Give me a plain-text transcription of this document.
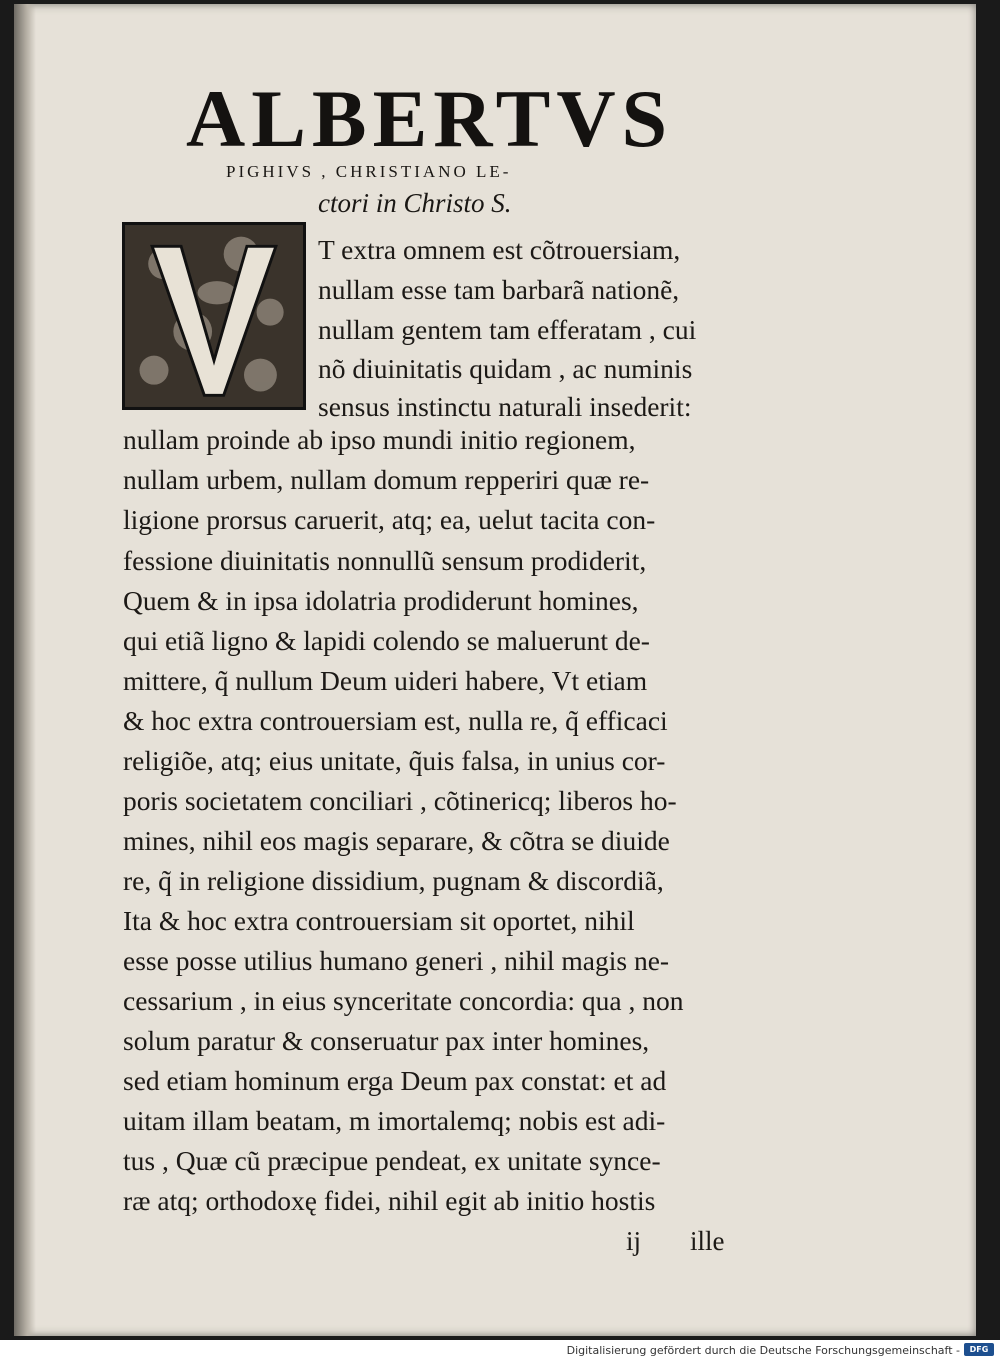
ALBERTVS
PIGHIVS , CHRISTIANO LE-
ctori in Christo S.
T extra omnem est cõtrouersiam,
nullam esse tam barbarã nationẽ,
nullam gentem tam efferatam , cui
nõ diuinitatis quidam , ac numinis
sensus instinctu naturali insederit:
nullam proinde ab ipso mundi initio regionem,
nullam urbem, nullam domum repperiri quæ re-
ligione prorsus caruerit, atq; ea, uelut tacita con-
fessione diuinitatis nonnullũ sensum prodiderit,
Quem & in ipsa idolatria prodiderunt homines,
qui etiã ligno & lapidi colendo se maluerunt de-
mittere, q̃ nullum Deum uideri habere, Vt etiam
& hoc extra controuersiam est, nulla re, q̃ efficaci
religiõe, atq; eius unitate, q̃uis falsa, in unius cor-
poris societatem conciliari , cõtinericq; liberos ho-
mines, nihil eos magis separare, & cõtra se diuide
re, q̃ in religione dissidium, pugnam & discordiã,
Ita & hoc extra controuersiam sit oportet, nihil
esse posse utilius humano generi , nihil magis ne-
cessarium , in eius synceritate concordia: qua , non
solum paratur & conseruatur pax inter homines,
sed etiam hominum erga Deum pax constat: et ad
uitam illam beatam, m imortalemq; nobis est adi-
tus , Quæ cũ præcipue pendeat, ex unitate synce-
ræ atq; orthodoxę fidei, nihil egit ab initio hostis
ij ille
Digitalisierung gefördert durch die Deutsche Forschungsgemeinschaft -	DFG
